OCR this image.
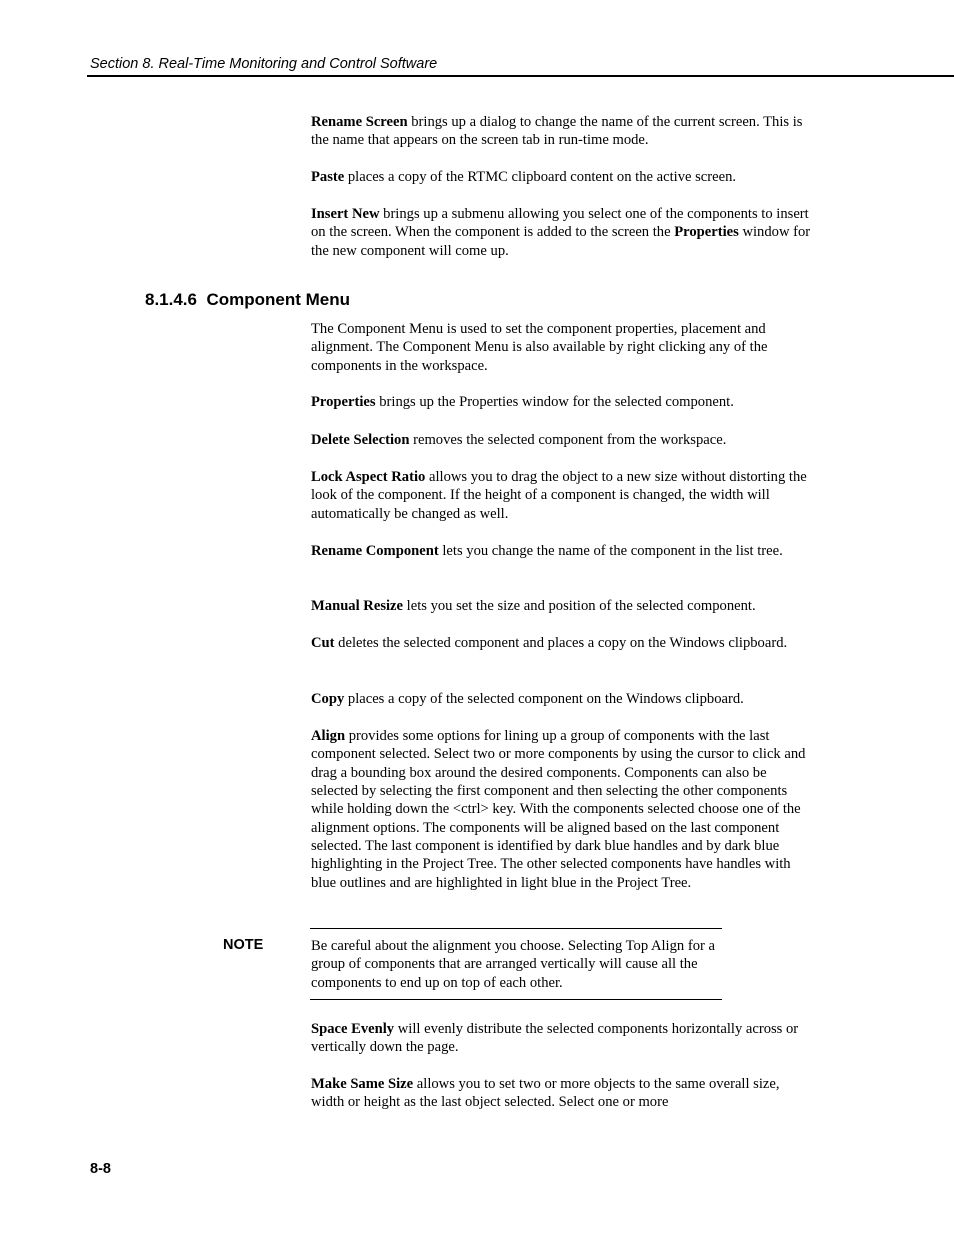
Section 8. Real-Time Monitoring and Control Software

Rename Screen brings up a dialog to change the name of the current screen. This is the name that appears on the screen tab in run-time mode.

Paste places a copy of the RTMC clipboard content on the active screen.

Insert New brings up a submenu allowing you select one of the components to insert on the screen. When the component is added to the screen the Properties window for the new component will come up.

8.1.4.6 Component Menu

The Component Menu is used to set the component properties, placement and alignment. The Component Menu is also available by right clicking any of the components in the workspace.

Properties brings up the Properties window for the selected component.

Delete Selection removes the selected component from the workspace.

Lock Aspect Ratio allows you to drag the object to a new size without distorting the look of the component. If the height of a component is changed, the width will automatically be changed as well.

Rename Component lets you change the name of the component in the list tree.

Manual Resize lets you set the size and position of the selected component.

Cut deletes the selected component and places a copy on the Windows clipboard.

Copy places a copy of the selected component on the Windows clipboard.

Align provides some options for lining up a group of components with the last component selected. Select two or more components by using the cursor to click and drag a bounding box around the desired components. Components can also be selected by selecting the first component and then selecting the other components while holding down the <ctrl> key. With the components selected choose one of the alignment options. The components will be aligned based on the last component selected. The last component is identified by dark blue handles and by dark blue highlighting in the Project Tree. The other selected components have handles with blue outlines and are highlighted in light blue in the Project Tree.

NOTE	Be careful about the alignment you choose. Selecting Top Align for a group of components that are arranged vertically will cause all the components to end up on top of each other.

Space Evenly will evenly distribute the selected components horizontally across or vertically down the page.

Make Same Size allows you to set two or more objects to the same overall size, width or height as the last object selected. Select one or more

8-8
